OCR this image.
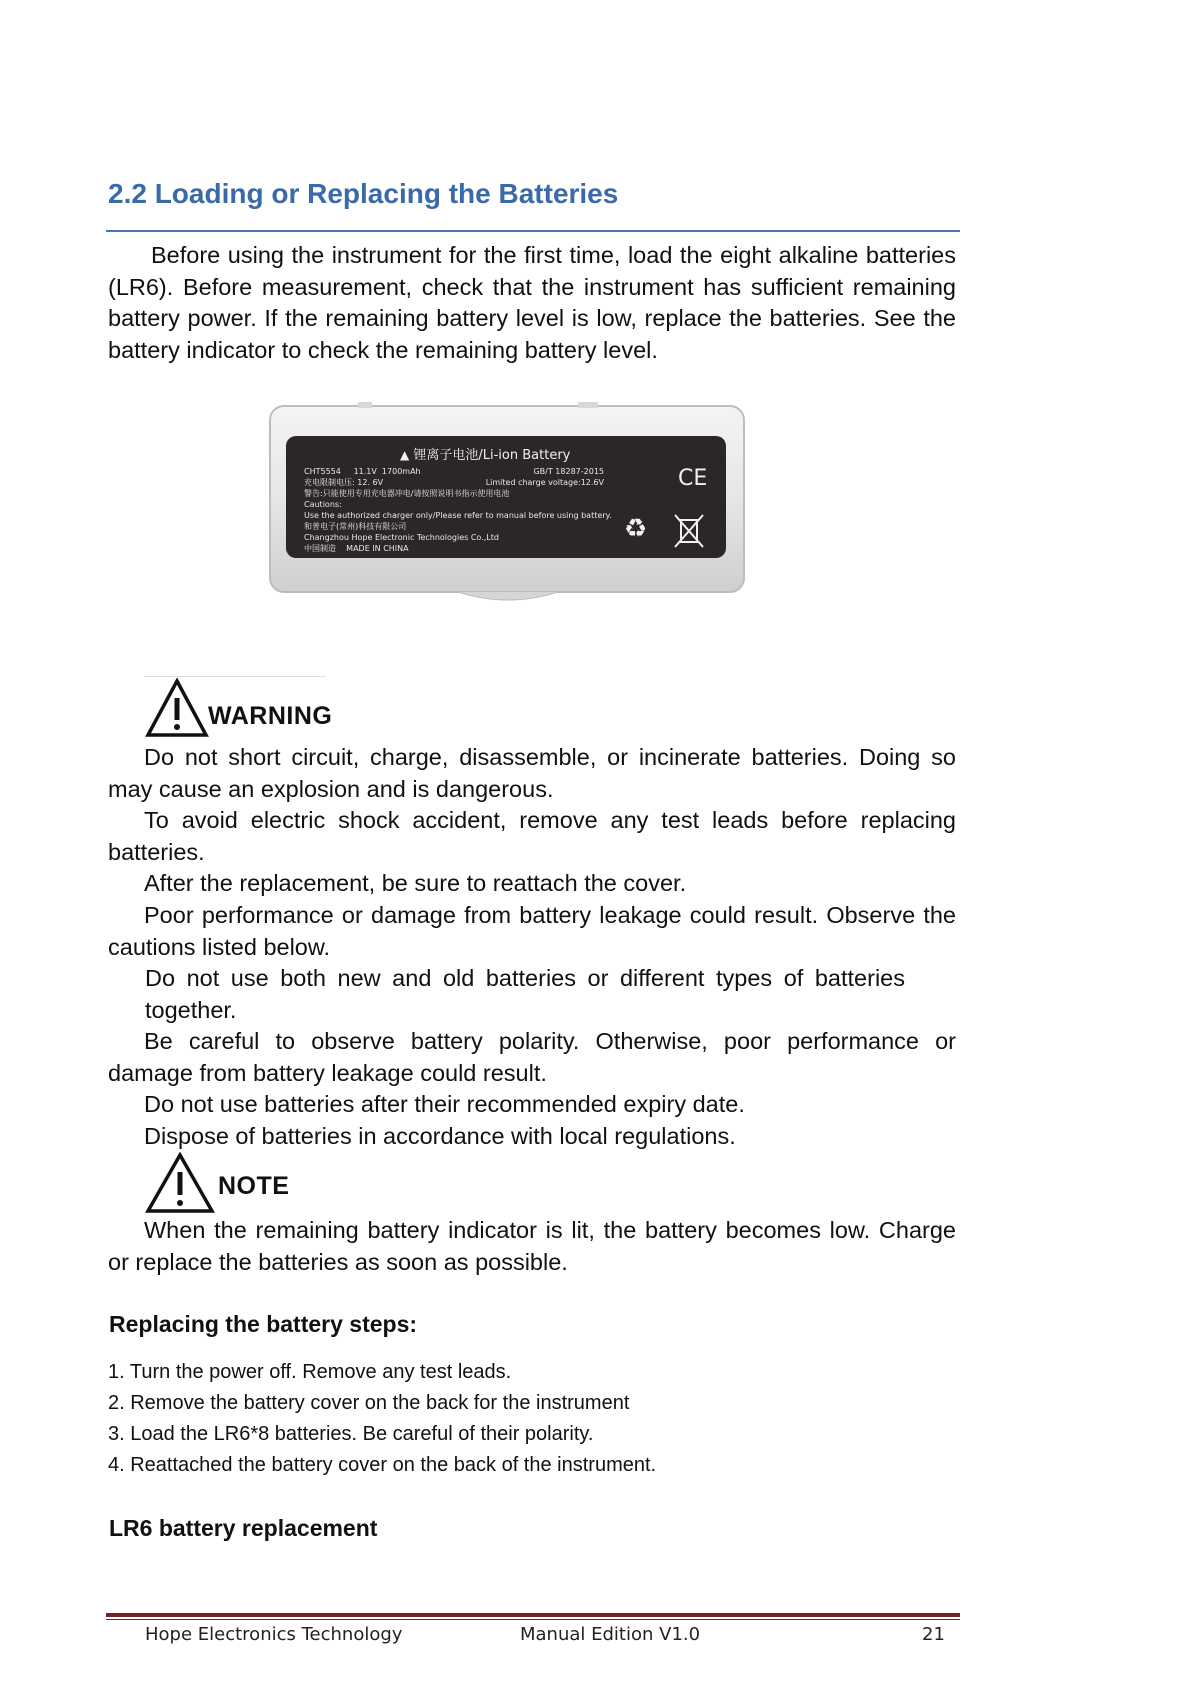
2.2 Loading or Replacing the Batteries
Before using the instrument for the first time, load the eight alkaline batteries (LR6). Before measurement, check that the instrument has sufficient remaining battery power. If the remaining battery level is low, replace the batteries. See the battery indicator to check the remaining battery level.
▲ 锂离子电池/Li-ion Battery
CHT5554     11.1V  1700mAh	GB/T 18287-2015
充电限制电压: 12. 6V	Limited charge voltage:12.6V
警告:只能使用专用充电器冲电/请按照说明书指示使用电池
Cautions:
Use the authorized charger only/Please refer to manual before using battery.
和普电子(常州)科技有限公司
Changzhou Hope Electronic Technologies Co.,Ltd
中国制造    MADE IN CHINA
CE
♻
WARNING
Do not short circuit, charge, disassemble, or incinerate batteries. Doing so may cause an explosion and is dangerous.
To avoid electric shock accident, remove any test leads before replacing batteries.
After the replacement, be sure to reattach the cover.
Poor performance or damage from battery leakage could result. Observe the cautions listed below.
Do not use both new and old batteries or different types of batteries together.
Be careful to observe battery polarity. Otherwise, poor performance or damage from battery leakage could result.
Do not use batteries after their recommended expiry date.
Dispose of batteries in accordance with local regulations.
NOTE
When the remaining battery indicator is lit, the battery becomes low. Charge or replace the batteries as soon as possible.
Replacing the battery steps:
1. Turn the power off. Remove any test leads.
2. Remove the battery cover on the back for the instrument
3. Load the LR6*8 batteries. Be careful of their polarity.
4. Reattached the battery cover on the back of the instrument.
LR6 battery replacement
Hope Electronics Technology	Manual Edition V1.0	21
